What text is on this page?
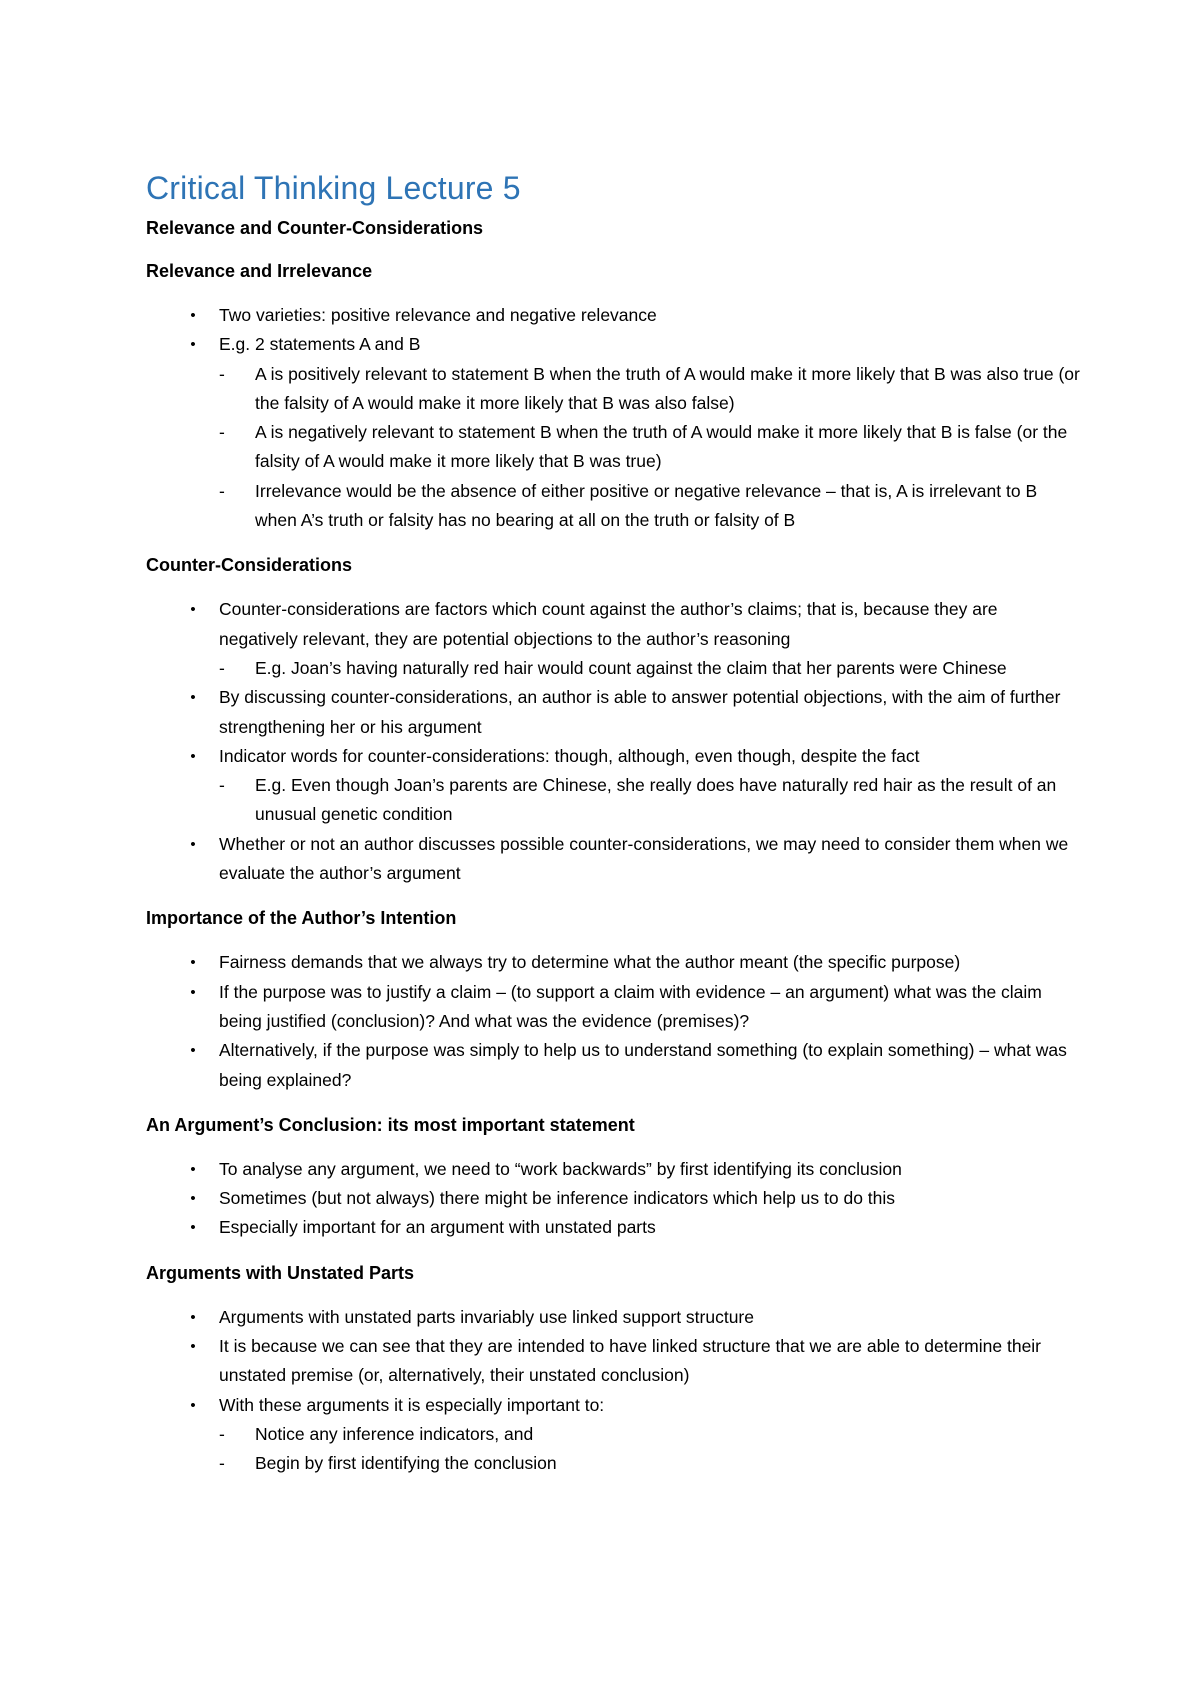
Critical Thinking Lecture 5
Relevance and Counter-Considerations
Relevance and Irrelevance
• Two varieties: positive relevance and negative relevance
• E.g. 2 statements A and B
-	A is positively relevant to statement B when the truth of A would make it more likely that B was also true (or the falsity of A would make it more likely that B was also false)
-	A is negatively relevant to statement B when the truth of A would make it more likely that B is false (or the falsity of A would make it more likely that B was true)
-	Irrelevance would be the absence of either positive or negative relevance – that is, A is irrelevant to B when A’s truth or falsity has no bearing at all on the truth or falsity of B
Counter-Considerations
• Counter-considerations are factors which count against the author’s claims; that is, because they are negatively relevant, they are potential objections to the author’s reasoning
-	E.g. Joan’s having naturally red hair would count against the claim that her parents were Chinese
• By discussing counter-considerations, an author is able to answer potential objections, with the aim of further strengthening her or his argument
• Indicator words for counter-considerations: though, although, even though, despite the fact
-	E.g. Even though Joan’s parents are Chinese, she really does have naturally red hair as the result of an unusual genetic condition
• Whether or not an author discusses possible counter-considerations, we may need to consider them when we evaluate the author’s argument
Importance of the Author’s Intention
• Fairness demands that we always try to determine what the author meant (the specific purpose)
• If the purpose was to justify a claim – (to support a claim with evidence – an argument) what was the claim being justified (conclusion)? And what was the evidence (premises)?
• Alternatively, if the purpose was simply to help us to understand something (to explain something) – what was being explained?
An Argument’s Conclusion: its most important statement
• To analyse any argument, we need to “work backwards” by first identifying its conclusion
• Sometimes (but not always) there might be inference indicators which help us to do this
• Especially important for an argument with unstated parts
Arguments with Unstated Parts
• Arguments with unstated parts invariably use linked support structure
• It is because we can see that they are intended to have linked structure that we are able to determine their unstated premise (or, alternatively, their unstated conclusion)
• With these arguments it is especially important to:
-	Notice any inference indicators, and
-	Begin by first identifying the conclusion
